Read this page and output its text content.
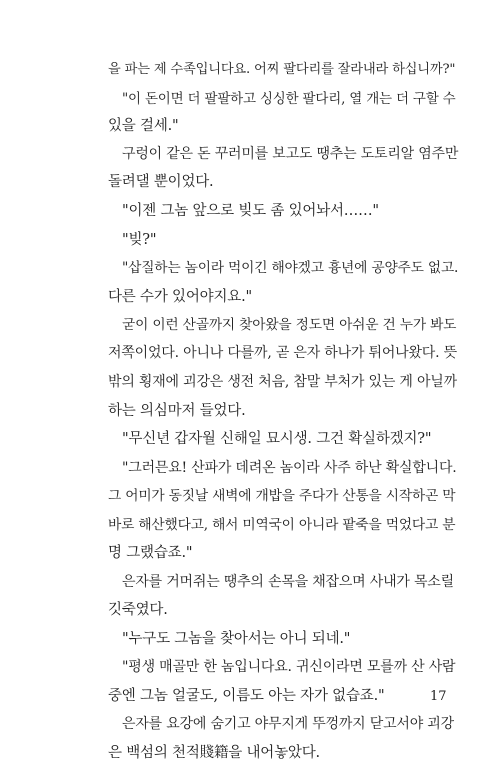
을 파는 제 수족입니다요. 어찌 팔다리를 잘라내라 하십니까?"
"이 돈이면 더 팔팔하고 싱싱한 팔다리, 열 개는 더 구할 수
있을 걸세."
구렁이 같은 돈 꾸러미를 보고도 땡추는 도토리알 염주만
돌려댈 뿐이었다.
"이젠 그놈 앞으로 빚도 좀 있어놔서……"
"빚?"
"삽질하는 놈이라 먹이긴 해야겠고 흉년에 공양주도 없고.
다른 수가 있어야지요."
굳이 이런 산골까지 찾아왔을 정도면 아쉬운 건 누가 봐도
저쪽이었다. 아니나 다를까, 곧 은자 하나가 튀어나왔다. 뜻
밖의 횡재에 괴강은 생전 처음, 참말 부처가 있는 게 아닐까
하는 의심마저 들었다.
"무신년 갑자월 신해일 묘시생. 그건 확실하겠지?"
"그러믄요! 산파가 데려온 놈이라 사주 하난 확실합니다.
그 어미가 동짓날 새벽에 개밥을 주다가 산통을 시작하곤 막
바로 해산했다고, 해서 미역국이 아니라 팥죽을 먹었다고 분
명 그랬습죠."
은자를 거머쥐는 땡추의 손목을 채잡으며 사내가 목소릴
깃죽였다.
"누구도 그놈을 찾아서는 아니 되네."
"평생 매골만 한 놈입니다요. 귀신이라면 모를까 산 사람
중엔 그놈 얼굴도, 이름도 아는 자가 없습죠."
은자를 요강에 숨기고 야무지게 뚜껑까지 닫고서야 괴강
은 백섬의 천적賤籍을 내어놓았다.
17
